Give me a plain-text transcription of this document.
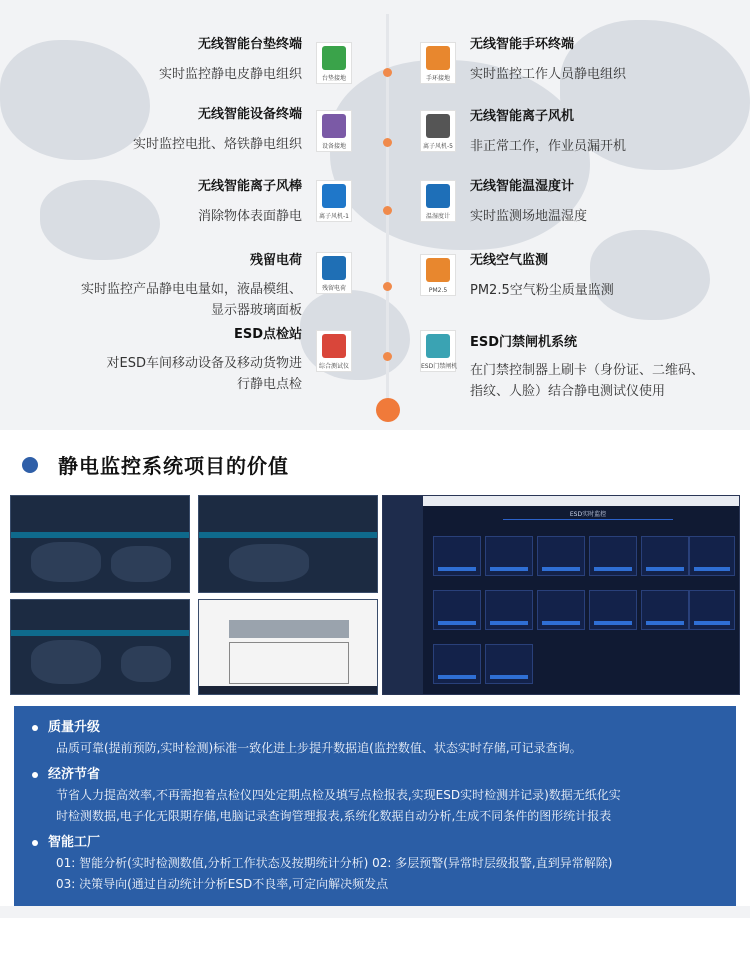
无线智能台垫终端
实时监控静电皮静电组织	台垫接地
无线智能设备终端
实时监控电批、烙铁静电组织	设备接地
无线智能离子风棒
消除物体表面静电	离子风机-1
残留电荷
实时监控产品静电电量如，液晶模组、
显示器玻璃面板
残留电荷
ESD点检站
对ESD车间移动设备及移动货物进
行静电点检
综合测试仪
手环接地
无线智能手环终端
实时监控工作人员静电组织
离子风机-5
无线智能离子风机
非正常工作，作业员漏开机
温湿度计
无线智能温湿度计
实时监测场地温湿度
PM2.5
无线空气监测
PM2.5空气粉尘质量监测
ESD门禁闸机
ESD门禁闸机系统
在门禁控制器上刷卡（身份证、二维码、
指纹、人脸）结合静电测试仪使用
静电监控系统项目的价值
ESD实时监控
质量升级
品质可靠(提前预防,实时检测)标准一致化进上步提升数据追(监控数值、状态实时存储,可记录查询。
经济节省
节省人力提高效率,不再需抱着点检仪四处定期点检及填写点检报表,实现ESD实时检测并记录)数据无纸化实
时检测数据,电子化无限期存储,电脑记录查询管理报表,系统化数据自动分析,生成不同条件的图形统计报表
智能工厂
01: 智能分析(实时检测数值,分析工作状态及按期统计分析) 02: 多层预警(异常时层级报警,直到异常解除)
03: 决策导向(通过自动统计分析ESD不良率,可定向解决频发点
